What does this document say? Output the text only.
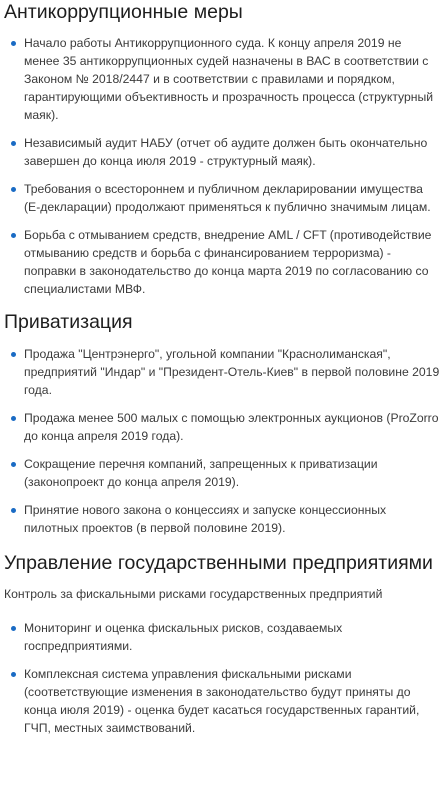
Антикоррупционные меры
Начало работы Антикоррупционного суда. К концу апреля 2019 не менее 35 антикоррупционных судей назначены в ВАС в соответствии с Законом № 2018/2447 и в соответствии с правилами и порядком, гарантирующими объективность и прозрачность процесса (структурный маяк).
Независимый аудит НАБУ (отчет об аудите должен быть окончательно завершен до конца июля 2019 - структурный маяк).
Требования о всестороннем и публичном декларировании имущества (Е-декларации) продолжают применяться к публично значимым лицам.
Борьба с отмыванием средств, внедрение AML / CFT (противодействие отмыванию средств и борьба с финансированием терроризма) - поправки в законодательство до конца марта 2019 по согласованию со специалистами МВФ.
Приватизация
Продажа "Центрэнерго", угольной компании "Краснолиманская", предприятий "Индар" и "Президент-Отель-Киев" в первой половине 2019 года.
Продажа менее 500 малых с помощью электронных аукционов (ProZorro до конца апреля 2019 года).
Сокращение перечня компаний, запрещенных к приватизации (законопроект до конца апреля 2019).
Принятие нового закона о концессиях и запуске концессионных пилотных проектов (в первой половине 2019).
Управление государственными предприятиями
Контроль за фискальными рисками государственных предприятий
Мониторинг и оценка фискальных рисков, создаваемых госпредприятиями.
Комплексная система управления фискальными рисками (соответствующие изменения в законодательство будут приняты до конца июля 2019) - оценка будет касаться государственных гарантий, ГЧП, местных заимствований.
